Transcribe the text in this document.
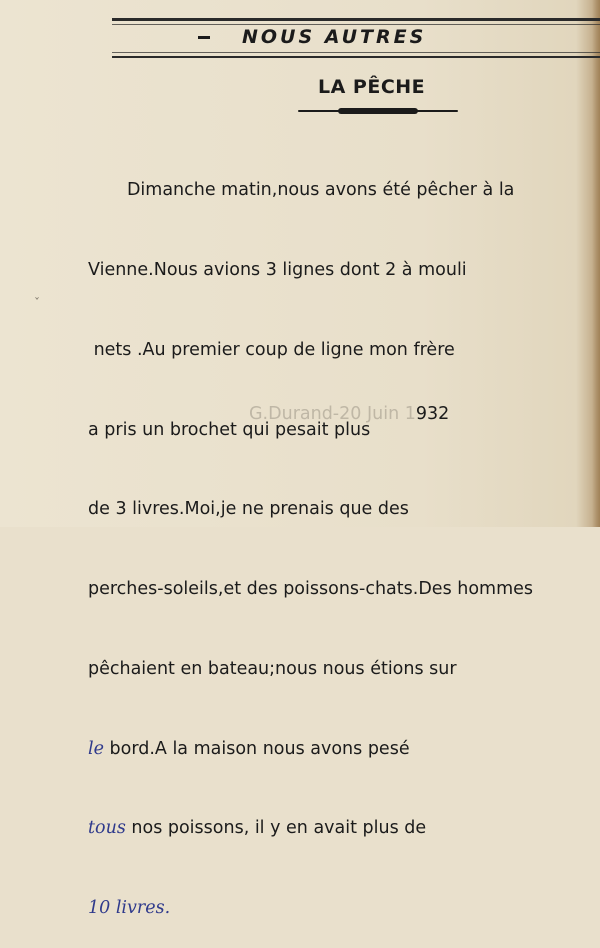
NOUS AUTRES
LA PÊCHE
ˇ

Dimanche matin,nous avons été pêcher à la

Vienne.Nous avions 3 lignes dont 2 à mouli

nets .Au premier coup de ligne mon frère

a pris un brochet qui pesait plus

de 3 livres.Moi,je ne prenais que des

perches-soleils,et des poissons-chats.Des hommes

pêchaient en bateau;nous nous étions sur

le bord.A la maison nous avons pesé

tous nos poissons, il y en avait plus de

10 livres.

G.Durand-20 Juin 1932
